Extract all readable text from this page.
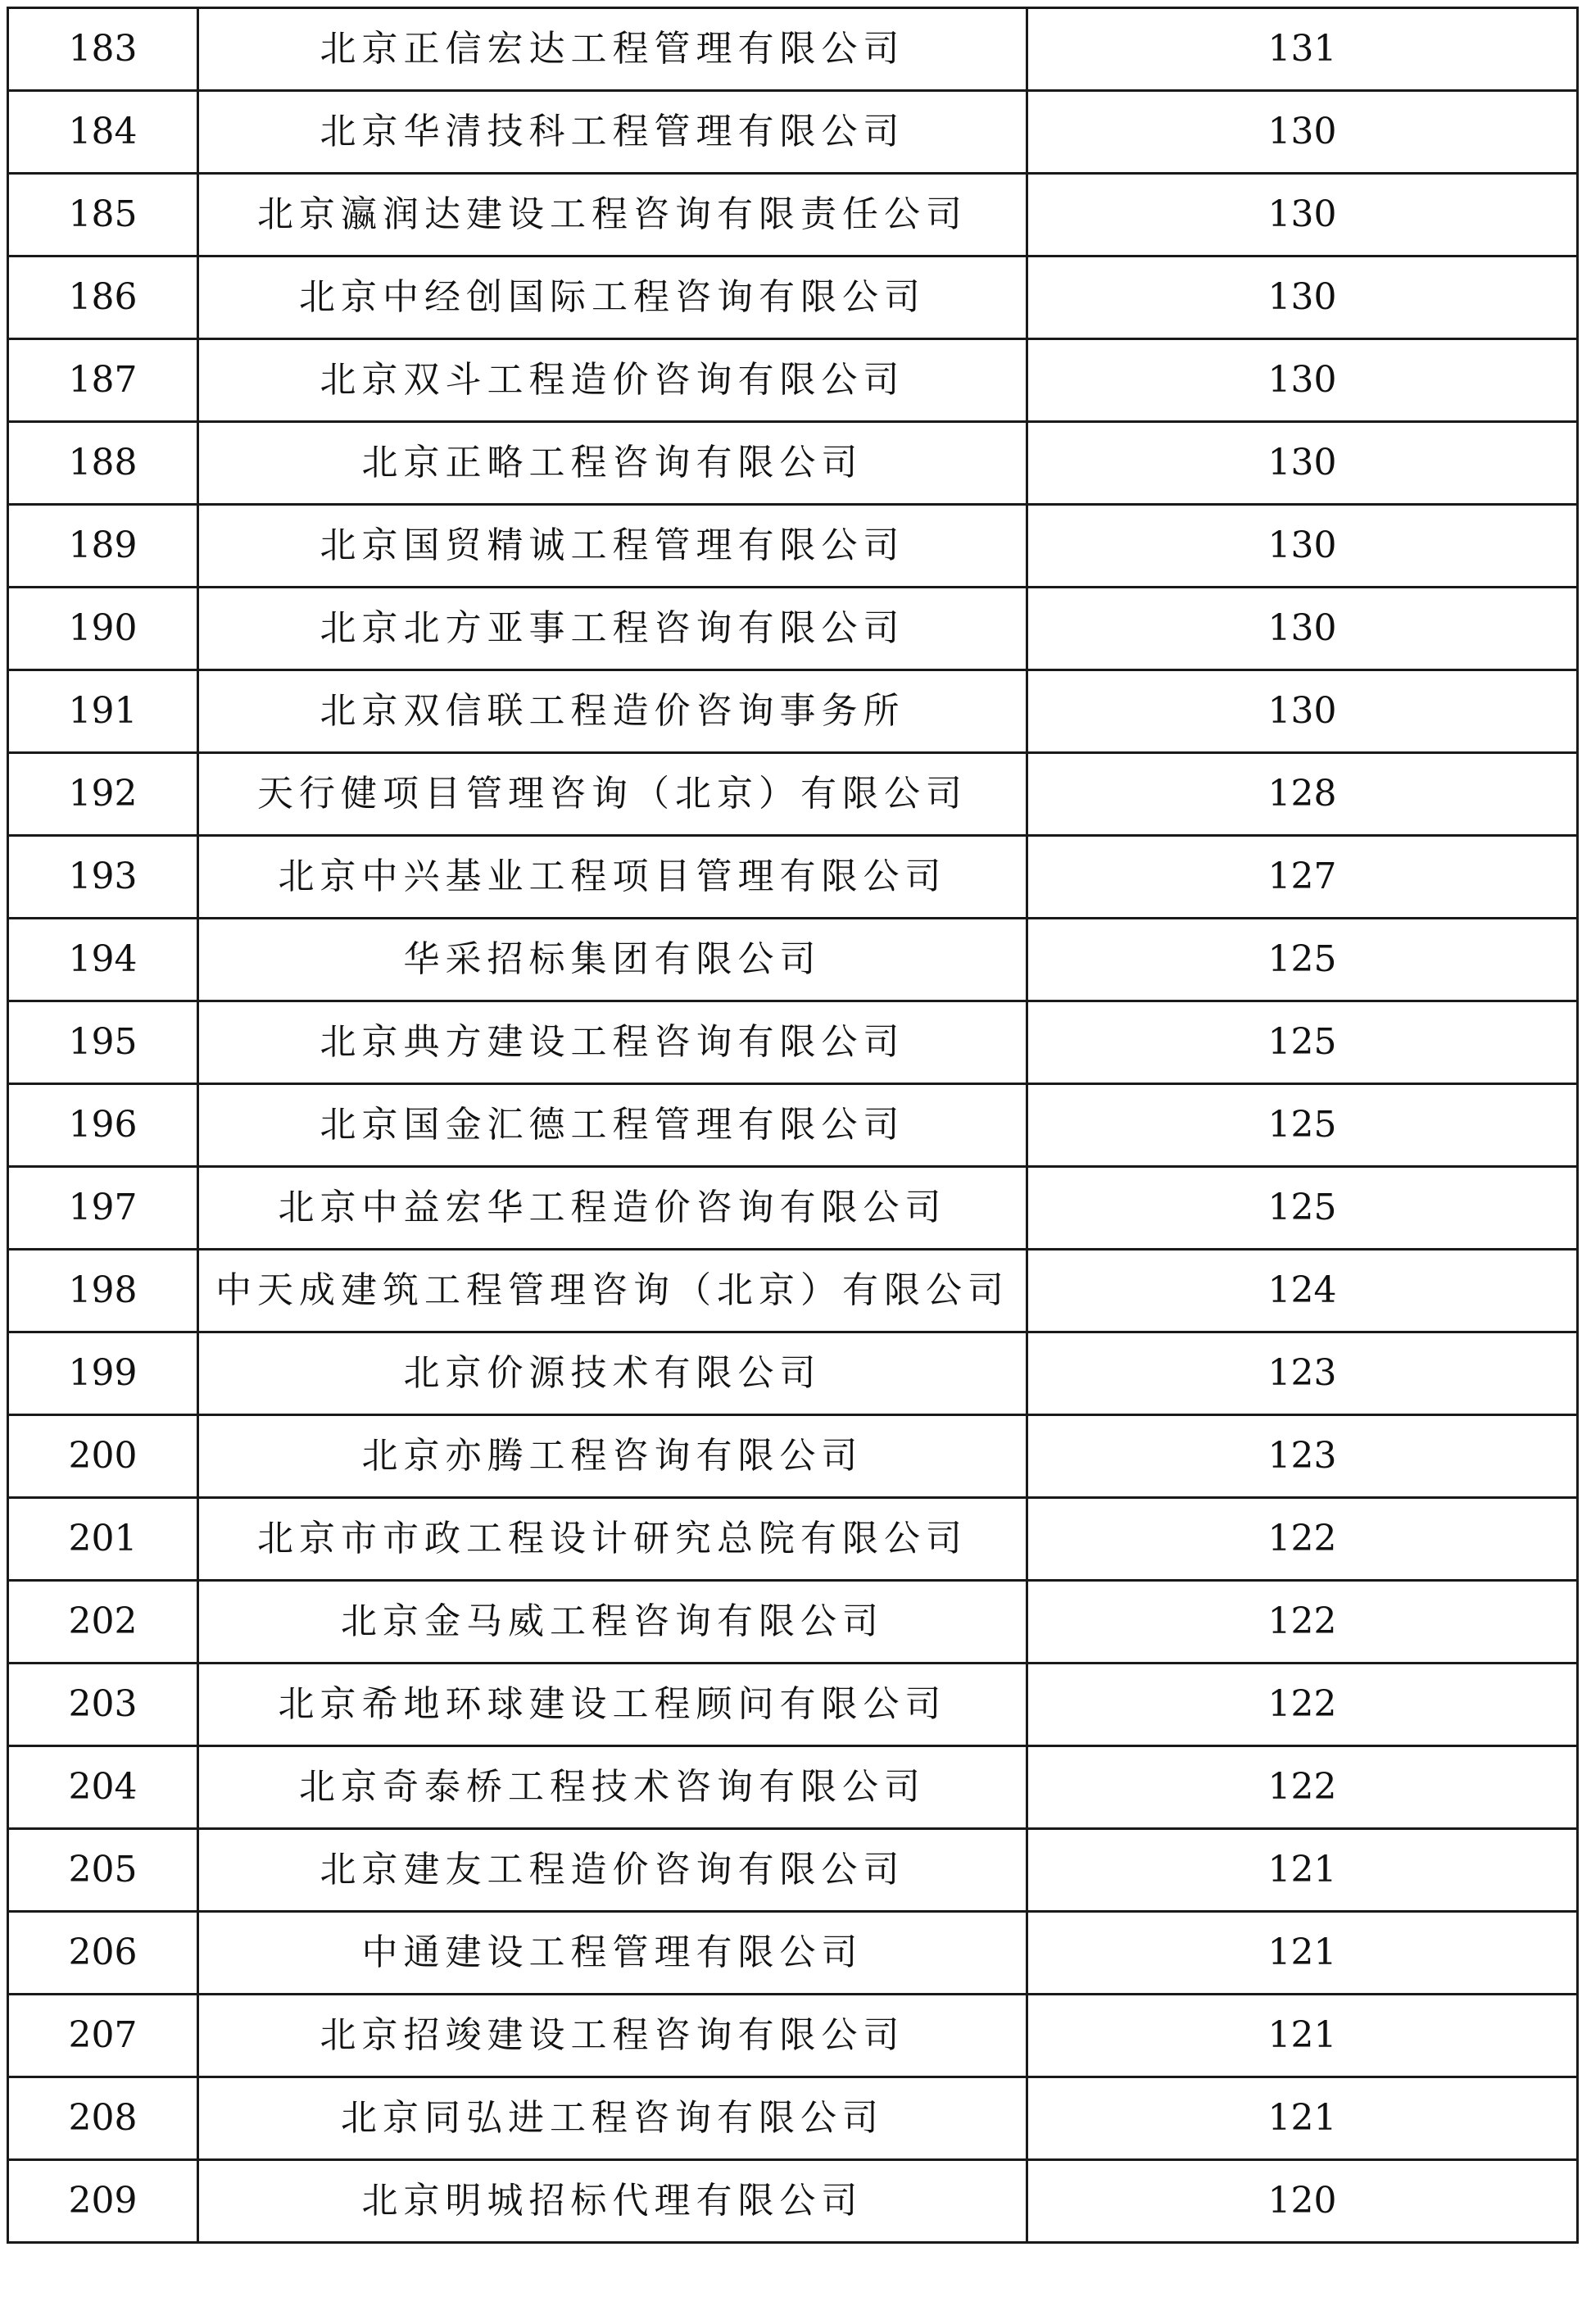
183	北京正信宏达工程管理有限公司	131
184	北京华清技科工程管理有限公司	130
185	北京瀛润达建设工程咨询有限责任公司	130
186	北京中经创国际工程咨询有限公司	130
187	北京双斗工程造价咨询有限公司	130
188	北京正略工程咨询有限公司	130
189	北京国贸精诚工程管理有限公司	130
190	北京北方亚事工程咨询有限公司	130
191	北京双信联工程造价咨询事务所	130
192	天行健项目管理咨询（北京）有限公司	128
193	北京中兴基业工程项目管理有限公司	127
194	华采招标集团有限公司	125
195	北京典方建设工程咨询有限公司	125
196	北京国金汇德工程管理有限公司	125
197	北京中益宏华工程造价咨询有限公司	125
198	中天成建筑工程管理咨询（北京）有限公司	124
199	北京价源技术有限公司	123
200	北京亦腾工程咨询有限公司	123
201	北京市市政工程设计研究总院有限公司	122
202	北京金马威工程咨询有限公司	122
203	北京希地环球建设工程顾问有限公司	122
204	北京奇泰桥工程技术咨询有限公司	122
205	北京建友工程造价咨询有限公司	121
206	中通建设工程管理有限公司	121
207	北京招竣建设工程咨询有限公司	121
208	北京同弘进工程咨询有限公司	121
209	北京明城招标代理有限公司	120
